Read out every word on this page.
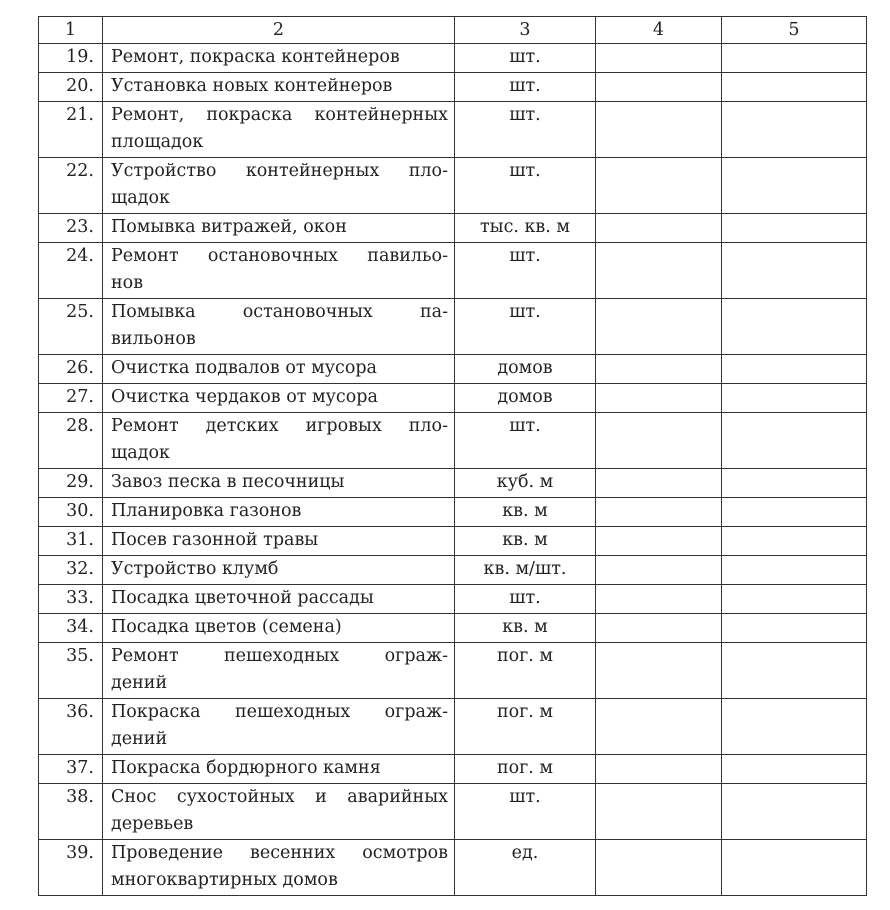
1	2	3	4	5
19.	Ремонт, покраска контейнеров	шт.		
20.	Установка новых контейнеров	шт.		
21.	Ремонт, покраска контейнерных
площадок	шт.		
22.	Устройство контейнерных пло-
щадок	шт.		
23.	Помывка витражей, окон	тыс. кв. м		
24.	Ремонт остановочных павильо-
нов	шт.		
25.	Помывка остановочных па-
вильонов	шт.		
26.	Очистка подвалов от мусора	домов		
27.	Очистка чердаков от мусора	домов		
28.	Ремонт детских игровых пло-
щадок	шт.		
29.	Завоз песка в песочницы	куб. м		
30.	Планировка газонов	кв. м		
31.	Посев газонной травы	кв. м		
32.	Устройство клумб	кв. м/шт.		
33.	Посадка цветочной рассады	шт.		
34.	Посадка цветов (семена)	кв. м		
35.	Ремонт пешеходных ограж-
дений	пог. м		
36.	Покраска пешеходных ограж-
дений	пог. м		
37.	Покраска бордюрного камня	пог. м		
38.	Снос сухостойных и аварийных
деревьев	шт.		
39.	Проведение весенних осмотров
многоквартирных домов	ед.		
